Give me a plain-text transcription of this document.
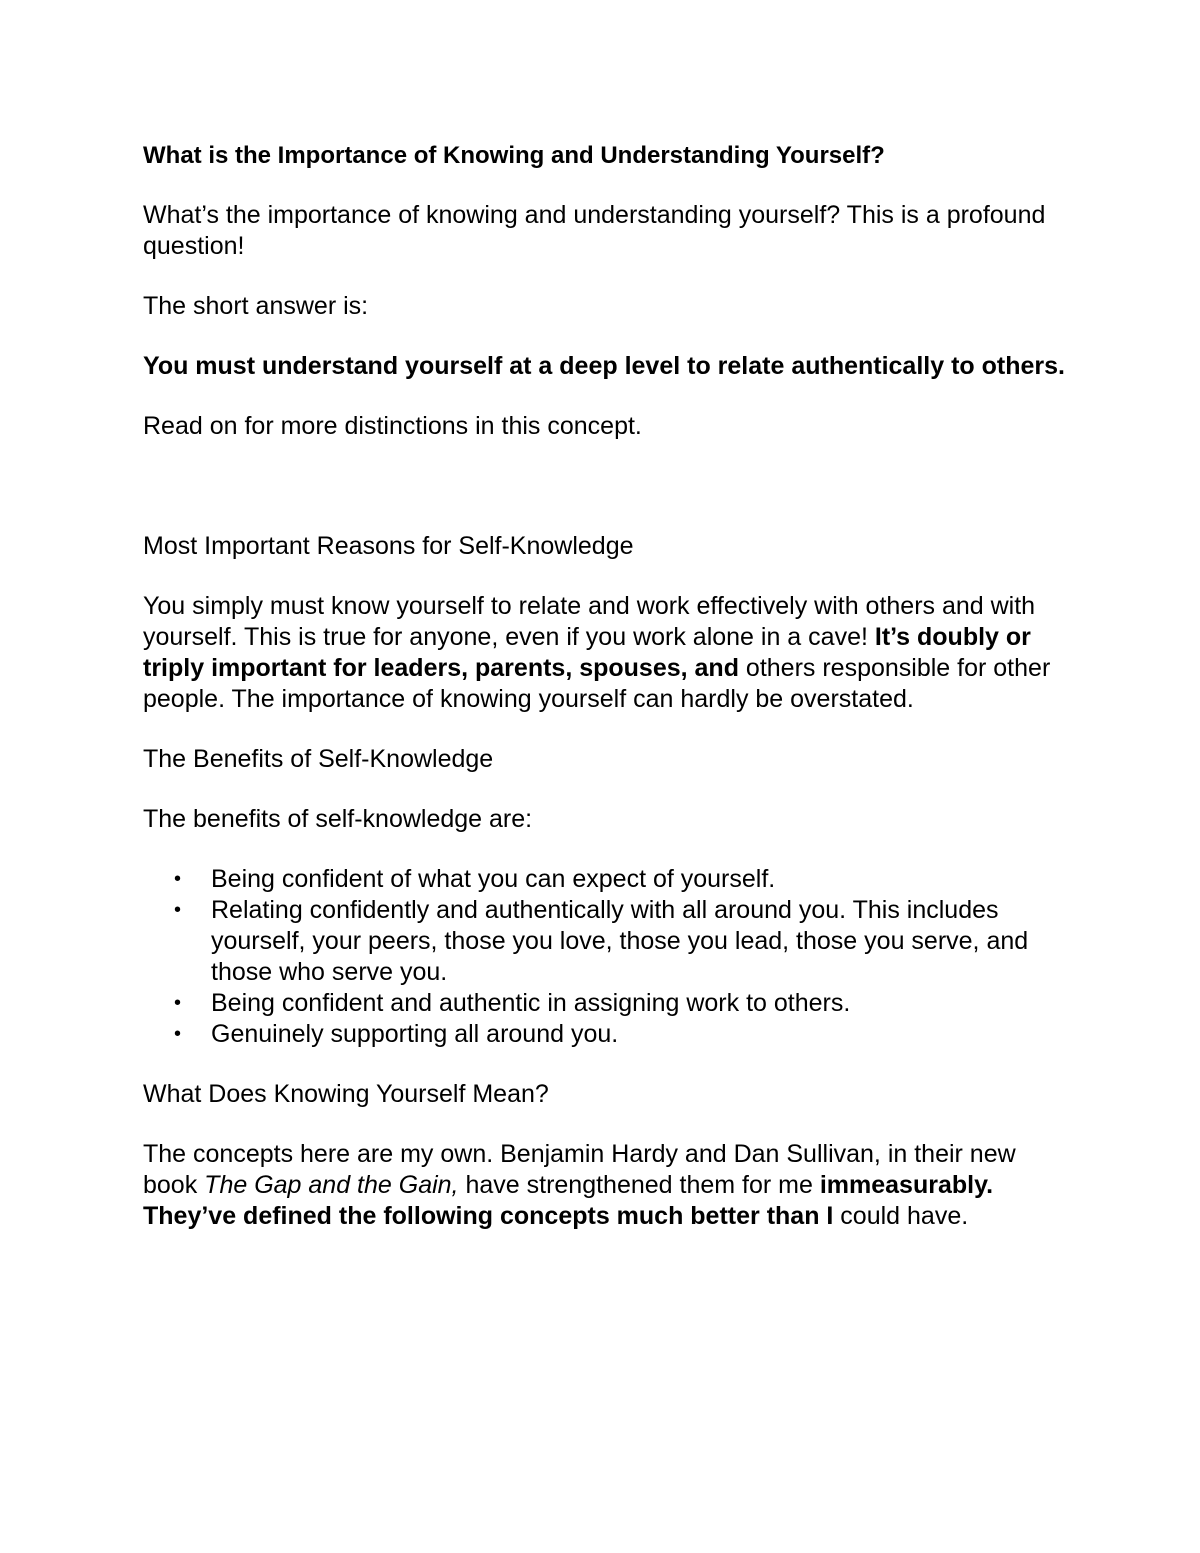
What is the Importance of Knowing and Understanding Yourself?

What’s the importance of knowing and understanding yourself? This is a profound question!

The short answer is:

You must understand yourself at a deep level to relate authentically to others.

Read on for more distinctions in this concept.

Most Important Reasons for Self-Knowledge

You simply must know yourself to relate and work effectively with others and with yourself. This is true for anyone, even if you work alone in a cave! It’s doubly or triply important for leaders, parents, spouses, and others responsible for other people. The importance of knowing yourself can hardly be overstated.

The Benefits of Self-Knowledge

The benefits of self-knowledge are:

• Being confident of what you can expect of yourself.
• Relating confidently and authentically with all around you. This includes yourself, your peers, those you love, those you lead, those you serve, and those who serve you.
• Being confident and authentic in assigning work to others.
• Genuinely supporting all around you.

What Does Knowing Yourself Mean?

The concepts here are my own. Benjamin Hardy and Dan Sullivan, in their new book The Gap and the Gain, have strengthened them for me immeasurably. They’ve defined the following concepts much better than I could have.
